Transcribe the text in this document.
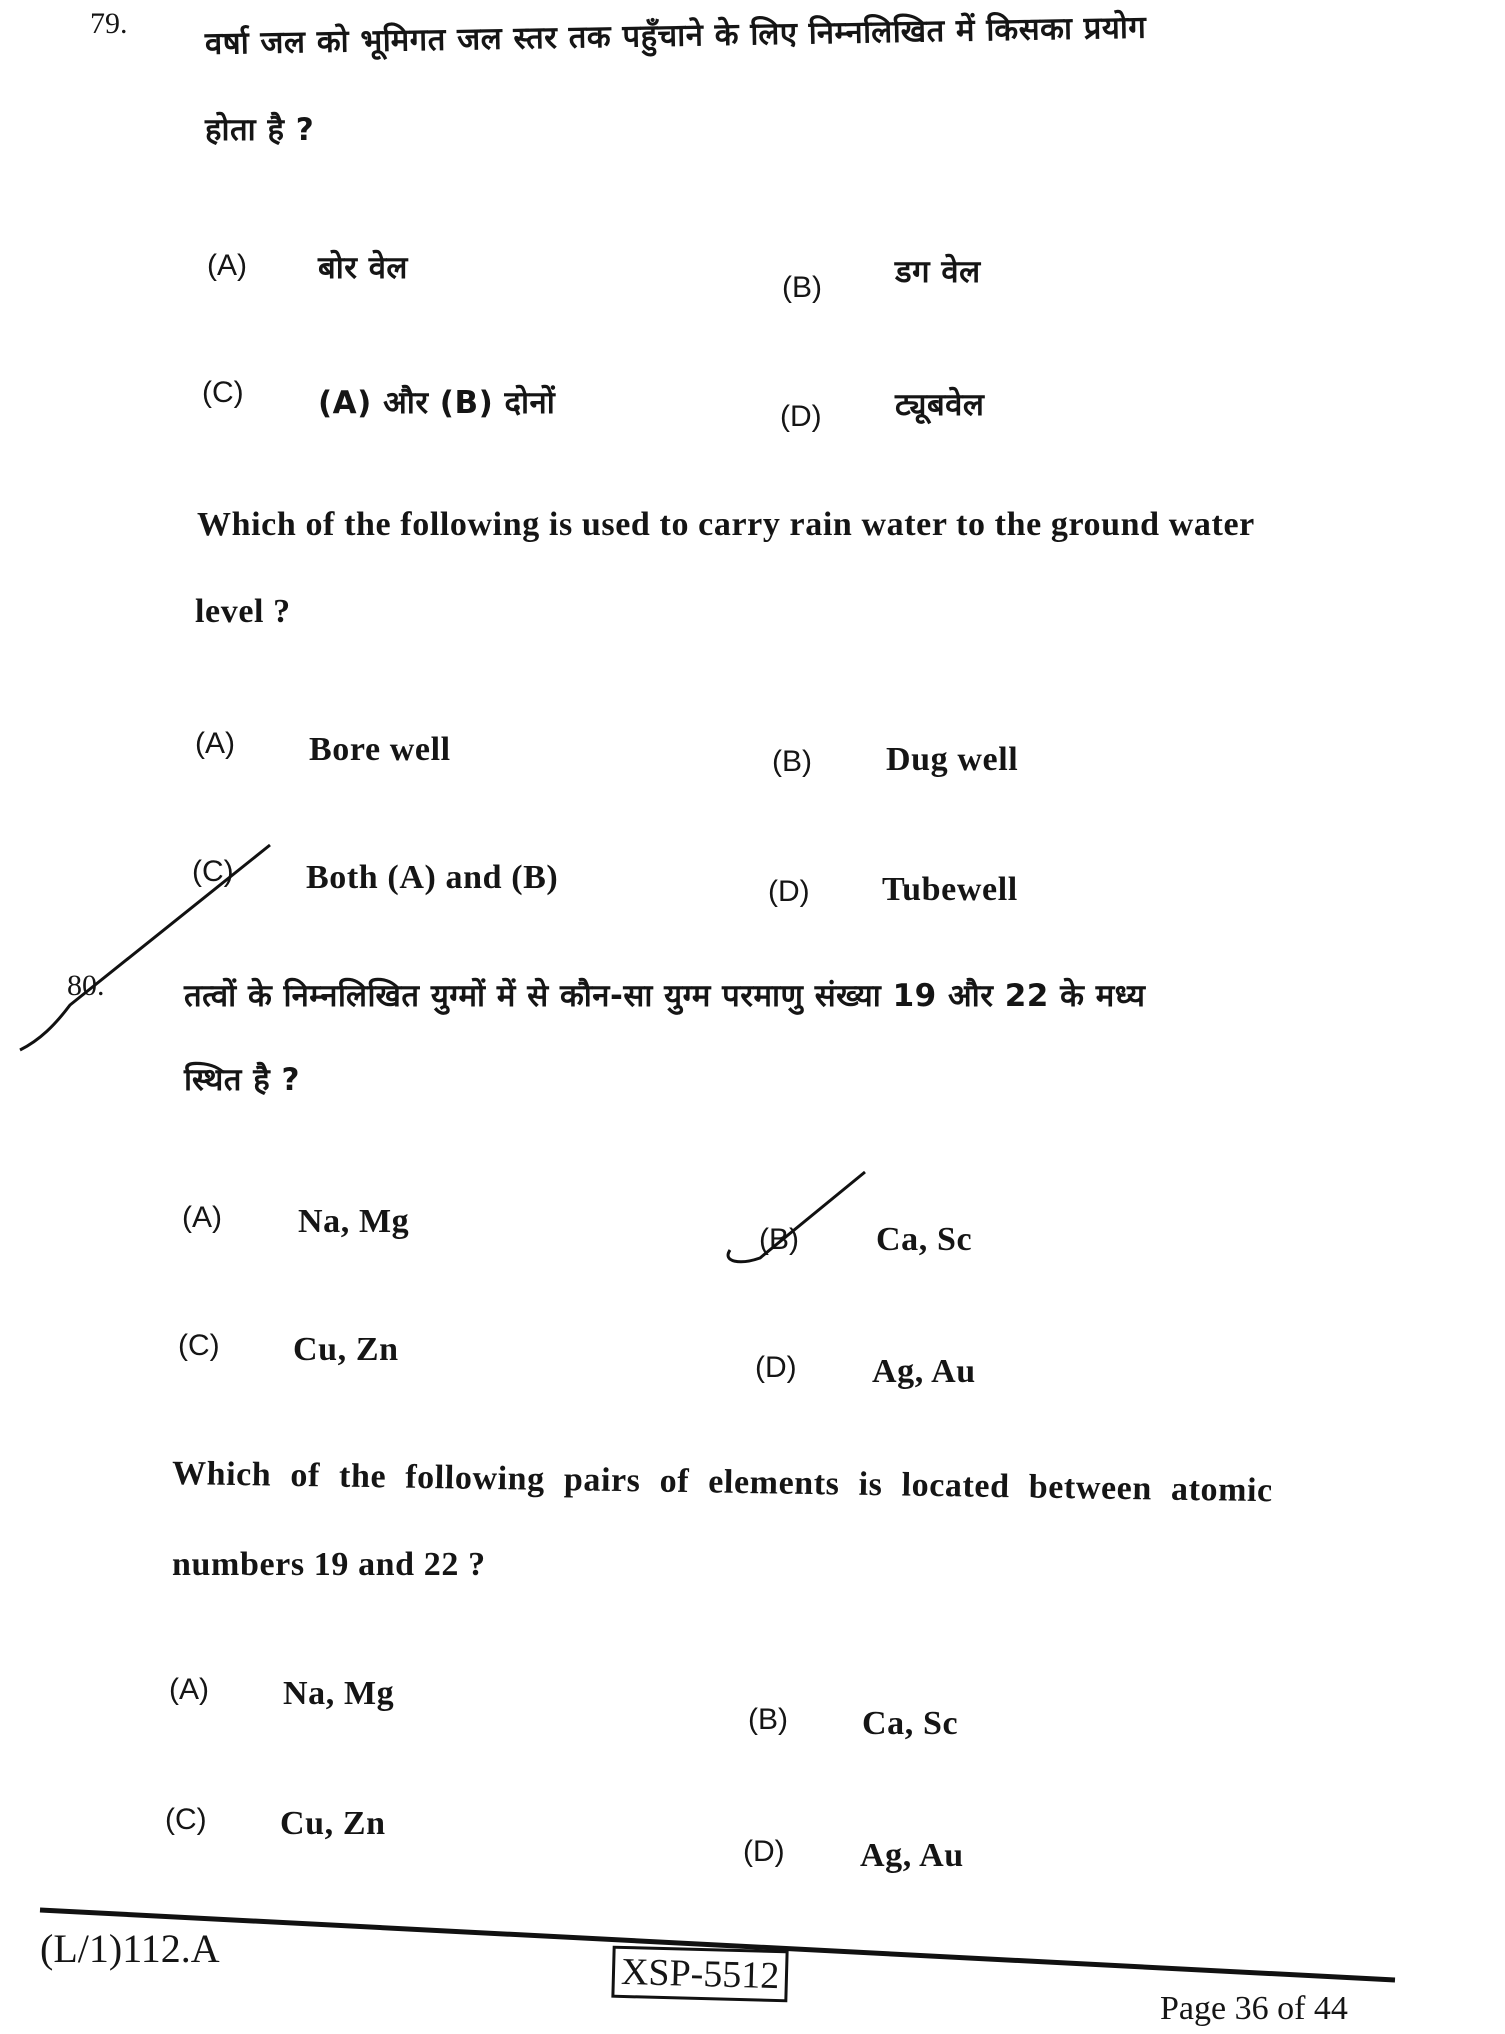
79. वर्षा जल को भूमिगत जल स्तर तक पहुँचाने के लिए निम्नलिखित में किसका प्रयोग
होता है ?
(A) बोर वेल
(B) डग वेल
(C) (A) और (B) दोनों	(D) ट्यूबवेल
Which of the following is used to carry rain water to the ground water
level ?
(A) Bore well	(B) Dug well
(C) Both (A) and (B)	(D) Tubewell
80.	तत्वों के निम्नलिखित युग्मों में से कौन-सा युग्म परमाणु संख्या 19 और 22 के मध्य
स्थित है ?
(A) Na, Mg	(B) Ca, Sc
(C) Cu, Zn	(D) Ag, Au
Which of the following pairs of elements is located between atomic
numbers 19 and 22 ?
(A) Na, Mg
(B) Ca, Sc
(C) Cu, Zn
(D) Ag, Au
(L/1)112.A
XSP-5512
Page 36 of 44
